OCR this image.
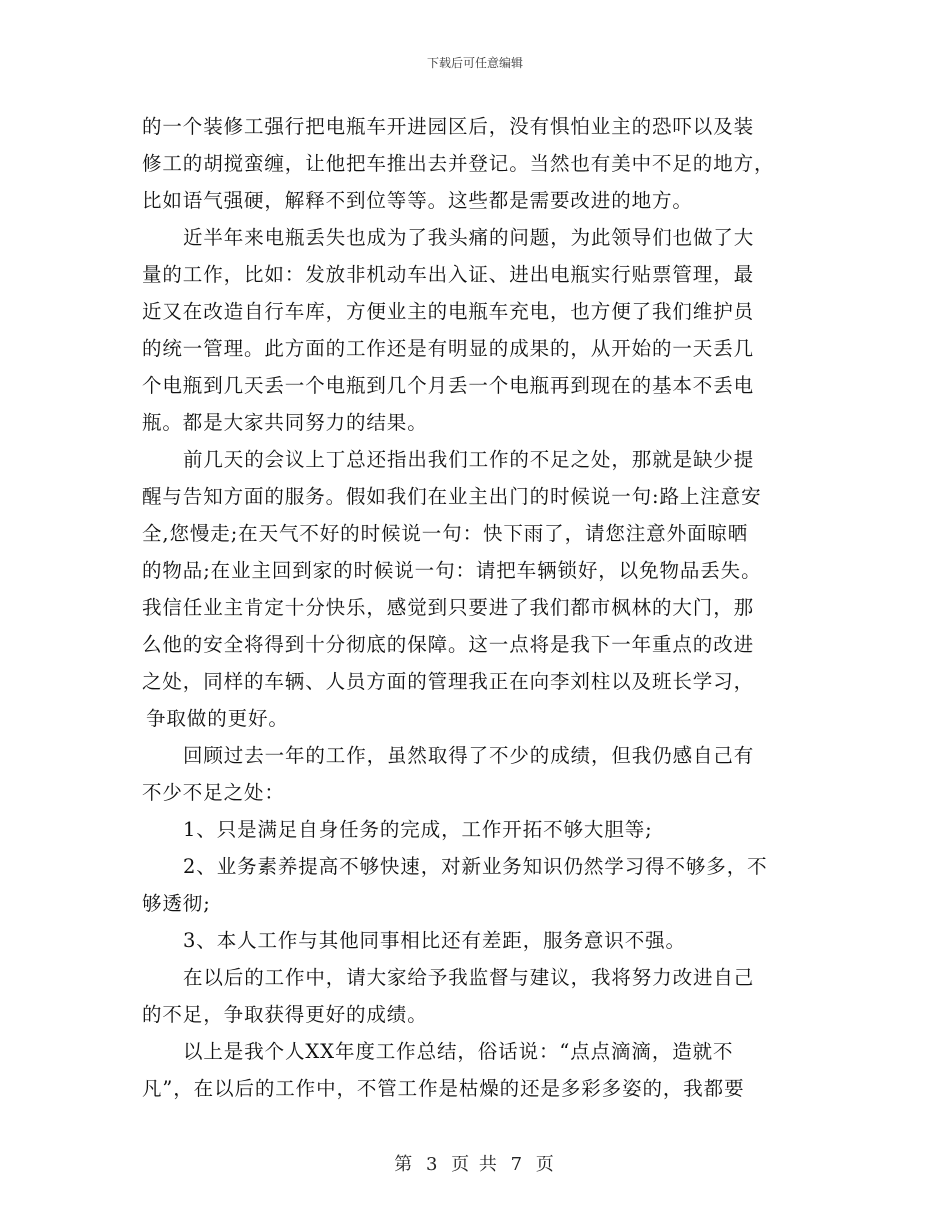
下载后可任意编辑
的一个装修工强行把电瓶车开进园区后，没有惧怕业主的恐吓以及装
修工的胡搅蛮缠，让他把车推出去并登记。当然也有美中不足的地方，
比如语气强硬，解释不到位等等。这些都是需要改进的地方。
近半年来电瓶丢失也成为了我头痛的问题，为此领导们也做了大
量的工作，比如：发放非机动车出入证、进出电瓶实行贴票管理，最
近又在改造自行车库，方便业主的电瓶车充电，也方便了我们维护员
的统一管理。此方面的工作还是有明显的成果的，从开始的一天丢几
个电瓶到几天丢一个电瓶到几个月丢一个电瓶再到现在的基本不丢电
瓶。都是大家共同努力的结果。
前几天的会议上丁总还指出我们工作的不足之处，那就是缺少提
醒与告知方面的服务。假如我们在业主出门的时候说一句:路上注意安
全,您慢走;在天气不好的时候说一句：快下雨了，请您注意外面晾晒
的物品;在业主回到家的时候说一句：请把车辆锁好，以免物品丢失。
我信任业主肯定十分快乐，感觉到只要进了我们都市枫林的大门，那
么他的安全将得到十分彻底的保障。这一点将是我下一年重点的改进
之处，同样的车辆、人员方面的管理我正在向李刘柱以及班长学习，
争取做的更好。
回顾过去一年的工作，虽然取得了不少的成绩，但我仍感自己有
不少不足之处：
1、只是满足自身任务的完成，工作开拓不够大胆等;
2、业务素养提高不够快速，对新业务知识仍然学习得不够多，不
够透彻;
3、本人工作与其他同事相比还有差距，服务意识不强。
在以后的工作中，请大家给予我监督与建议，我将努力改进自己
的不足，争取获得更好的成绩。
以上是我个人XX年度工作总结，俗话说：“点点滴滴，造就不
凡”，在以后的工作中，不管工作是枯燥的还是多彩多姿的，我都要
第 3 页 共 7 页
